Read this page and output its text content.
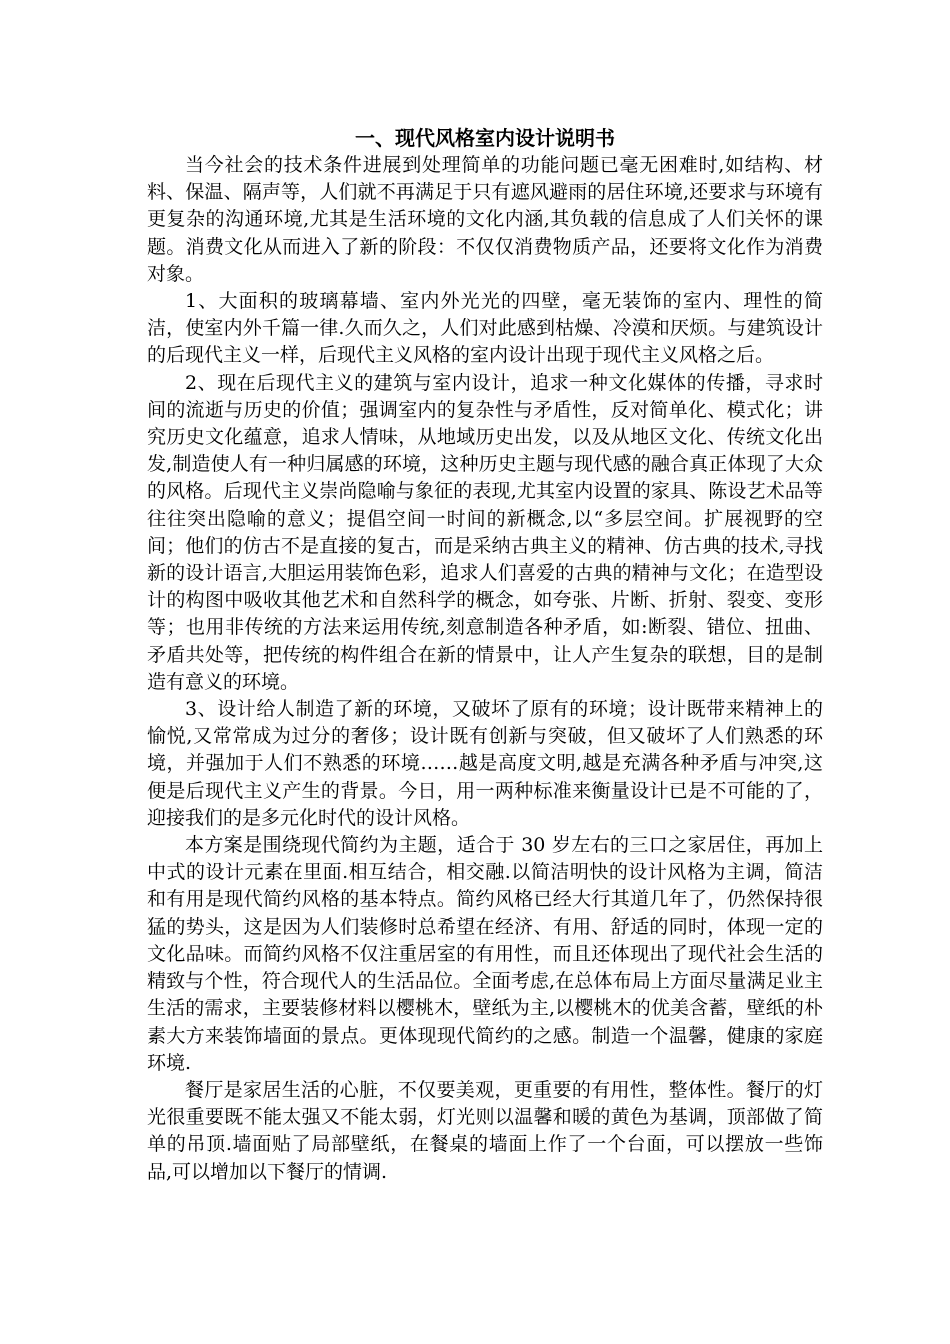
一、现代风格室内设计说明书

当今社会的技术条件进展到处理简单的功能问题已毫无困难时,如结构、材料、保温、隔声等，人们就不再满足于只有遮风避雨的居住环境,还要求与环境有更复杂的沟通环境,尤其是生活环境的文化内涵,其负载的信息成了人们关怀的课题。消费文化从而进入了新的阶段：不仅仅消费物质产品，还要将文化作为消费对象。

1、大面积的玻璃幕墙、室内外光光的四壁，毫无装饰的室内、理性的简洁，使室内外千篇一律.久而久之，人们对此感到枯燥、冷漠和厌烦。与建筑设计的后现代主义一样，后现代主义风格的室内设计出现于现代主义风格之后。

2、现在后现代主义的建筑与室内设计，追求一种文化媒体的传播，寻求时间的流逝与历史的价值；强调室内的复杂性与矛盾性，反对简单化、模式化；讲究历史文化蕴意，追求人情味，从地域历史出发，以及从地区文化、传统文化出发,制造使人有一种归属感的环境，这种历史主题与现代感的融合真正体现了大众的风格。后现代主义崇尚隐喻与象征的表现,尤其室内设置的家具、陈设艺术品等往往突出隐喻的意义；提倡空间一时间的新概念,以“多层空间。扩展视野的空间；他们的仿古不是直接的复古，而是采纳古典主义的精神、仿古典的技术,寻找新的设计语言,大胆运用装饰色彩，追求人们喜爱的古典的精神与文化；在造型设计的构图中吸收其他艺术和自然科学的概念，如夸张、片断、折射、裂变、变形等；也用非传统的方法来运用传统,刻意制造各种矛盾，如:断裂、错位、扭曲、矛盾共处等，把传统的构件组合在新的情景中，让人产生复杂的联想，目的是制造有意义的环境。

3、设计给人制造了新的环境，又破坏了原有的环境；设计既带来精神上的愉悦,又常常成为过分的奢侈；设计既有创新与突破，但又破坏了人们熟悉的环境，并强加于人们不熟悉的环境……越是高度文明,越是充满各种矛盾与冲突,这便是后现代主义产生的背景。今日，用一两种标准来衡量设计已是不可能的了，迎接我们的是多元化时代的设计风格。

本方案是围绕现代简约为主题，适合于 30 岁左右的三口之家居住，再加上中式的设计元素在里面.相互结合，相交融.以简洁明快的设计风格为主调，简洁和有用是现代简约风格的基本特点。简约风格已经大行其道几年了，仍然保持很猛的势头，这是因为人们装修时总希望在经济、有用、舒适的同时，体现一定的文化品味。而简约风格不仅注重居室的有用性，而且还体现出了现代社会生活的精致与个性，符合现代人的生活品位。全面考虑,在总体布局上方面尽量满足业主生活的需求，主要装修材料以樱桃木，壁纸为主,以樱桃木的优美含蓄，壁纸的朴素大方来装饰墙面的景点。更体现现代简约的之感。制造一个温馨，健康的家庭环境.

餐厅是家居生活的心脏，不仅要美观，更重要的有用性，整体性。餐厅的灯光很重要既不能太强又不能太弱，灯光则以温馨和暖的黄色为基调，顶部做了简单的吊顶.墙面贴了局部壁纸，在餐桌的墙面上作了一个台面，可以摆放一些饰品,可以增加以下餐厅的情调.
